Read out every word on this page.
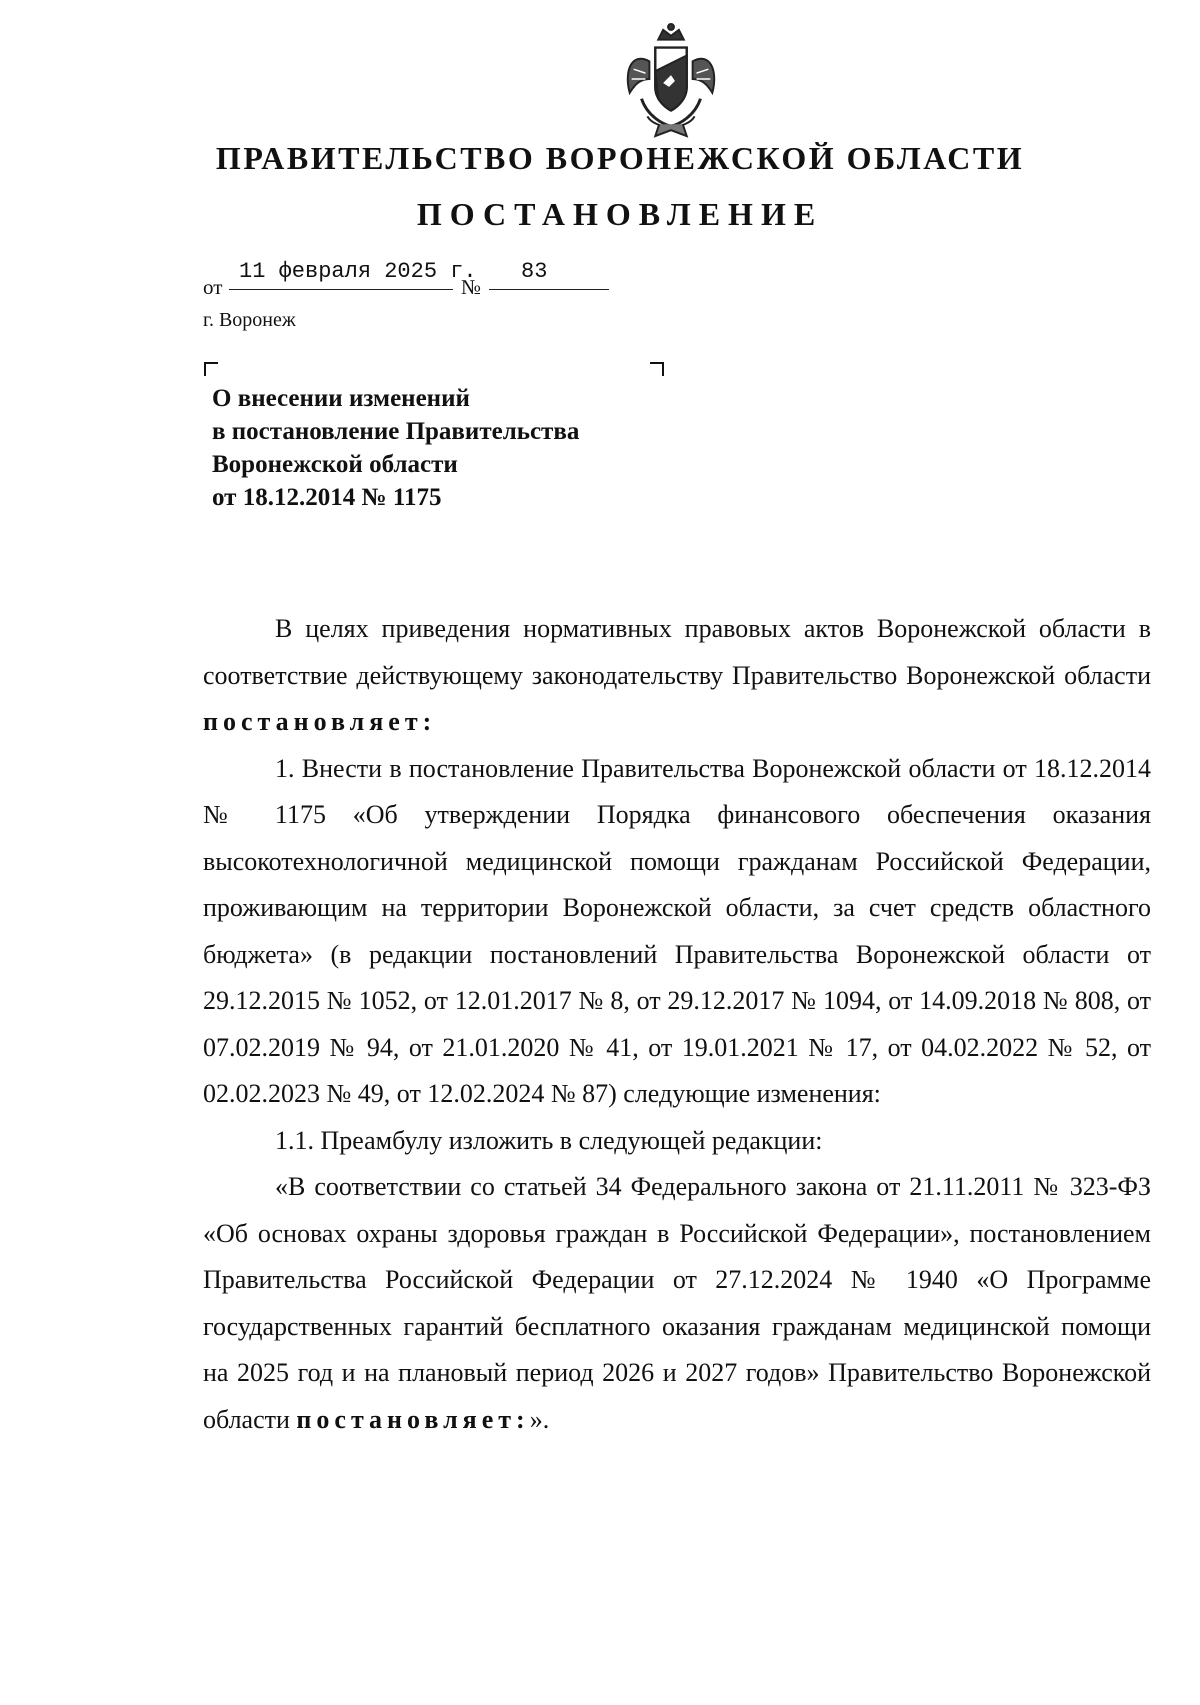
ПРАВИТЕЛЬСТВО ВОРОНЕЖСКОЙ ОБЛАСТИ
ПОСТАНОВЛЕНИЕ
от
11 февраля 2025 г.
№
83
г. Воронеж
О внесении изменений
в постановление Правительства
Воронежской области
от 18.12.2014 № 1175

В целях приведения нормативных правовых актов Воронежской области в соответствие действующему законодательству Правительство Воронежской области постановляет:

1. Внести в постановление Правительства Воронежской области от 18.12.2014 № 1175 «Об утверждении Порядка финансового обеспечения оказания высокотехнологичной медицинской помощи гражданам Российской Федерации, проживающим на территории Воронежской области, за счет средств областного бюджета» (в редакции постановлений Правительства Воронежской области от 29.12.2015 № 1052, от 12.01.2017 № 8, от 29.12.2017 № 1094, от 14.09.2018 № 808, от 07.02.2019 № 94, от 21.01.2020 № 41, от 19.01.2021 № 17, от 04.02.2022 № 52, от 02.02.2023 № 49, от 12.02.2024 № 87) следующие изменения:

1.1. Преамбулу изложить в следующей редакции:

«В соответствии со статьей 34 Федерального закона от 21.11.2011 № 323-ФЗ «Об основах охраны здоровья граждан в Российской Федерации», постановлением Правительства Российской Федерации от 27.12.2024 № 1940 «О Программе государственных гарантий бесплатного оказания гражданам медицинской помощи на 2025 год и на плановый период 2026 и 2027 годов» Правительство Воронежской области постановляет:».
